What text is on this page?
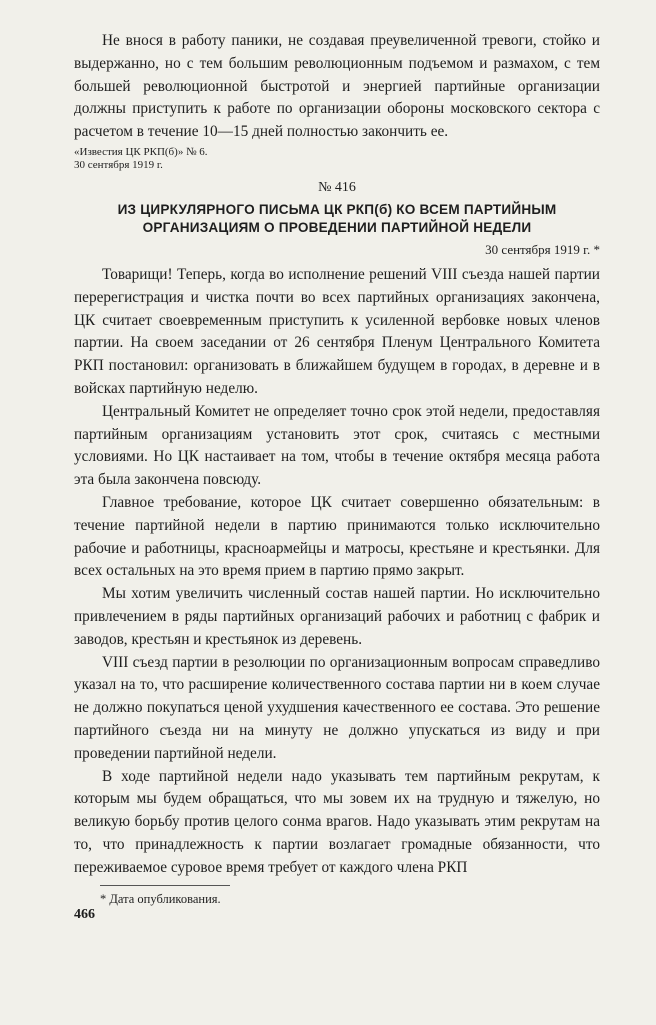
Не внося в работу паники, не создавая преувеличенной тревоги, стойко и выдержанно, но с тем большим революционным подъемом и размахом, с тем большей революционной быстротой и энергией партийные организации должны приступить к работе по организации обороны московского сектора с расчетом в течение 10—15 дней полностью закончить ее.

«Известия ЦК РКП(б)» № 6.
30 сентября 1919 г.
№ 416
ИЗ ЦИРКУЛЯРНОГО ПИСЬМА ЦК РКП(б) КО ВСЕМ ПАРТИЙНЫМ
ОРГАНИЗАЦИЯМ О ПРОВЕДЕНИИ ПАРТИЙНОЙ НЕДЕЛИ
30 сентября 1919 г. *

Товарищи! Теперь, когда во исполнение решений VIII съезда нашей партии перерегистрация и чистка почти во всех партийных организациях закончена, ЦК считает своевременным приступить к усиленной вербовке новых членов партии. На своем заседании от 26 сентября Пленум Центрального Комитета РКП постановил: организовать в ближайшем будущем в городах, в деревне и в войсках партийную неделю.

Центральный Комитет не определяет точно срок этой недели, предоставляя партийным организациям установить этот срок, считаясь с местными условиями. Но ЦК настаивает на том, чтобы в течение октября месяца работа эта была закончена повсюду.

Главное требование, которое ЦК считает совершенно обязательным: в течение партийной недели в партию принимаются только исключительно рабочие и работницы, красноармейцы и матросы, крестьяне и крестьянки. Для всех остальных на это время прием в партию прямо закрыт.

Мы хотим увеличить численный состав нашей партии. Но исключительно привлечением в ряды партийных организаций рабочих и работниц с фабрик и заводов, крестьян и крестьянок из деревень.

VIII съезд партии в резолюции по организационным вопросам справедливо указал на то, что расширение количественного состава партии ни в коем случае не должно покупаться ценой ухудшения качественного ее состава. Это решение партийного съезда ни на минуту не должно упускаться из виду и при проведении партийной недели.

В ходе партийной недели надо указывать тем партийным рекрутам, к которым мы будем обращаться, что мы зовем их на трудную и тяжелую, но великую борьбу против целого сонма врагов. Надо указывать этим рекрутам на то, что принадлежность к партии возлагает громадные обязанности, что переживаемое суровое время требует от каждого члена РКП

* Дата опубликования.
466
